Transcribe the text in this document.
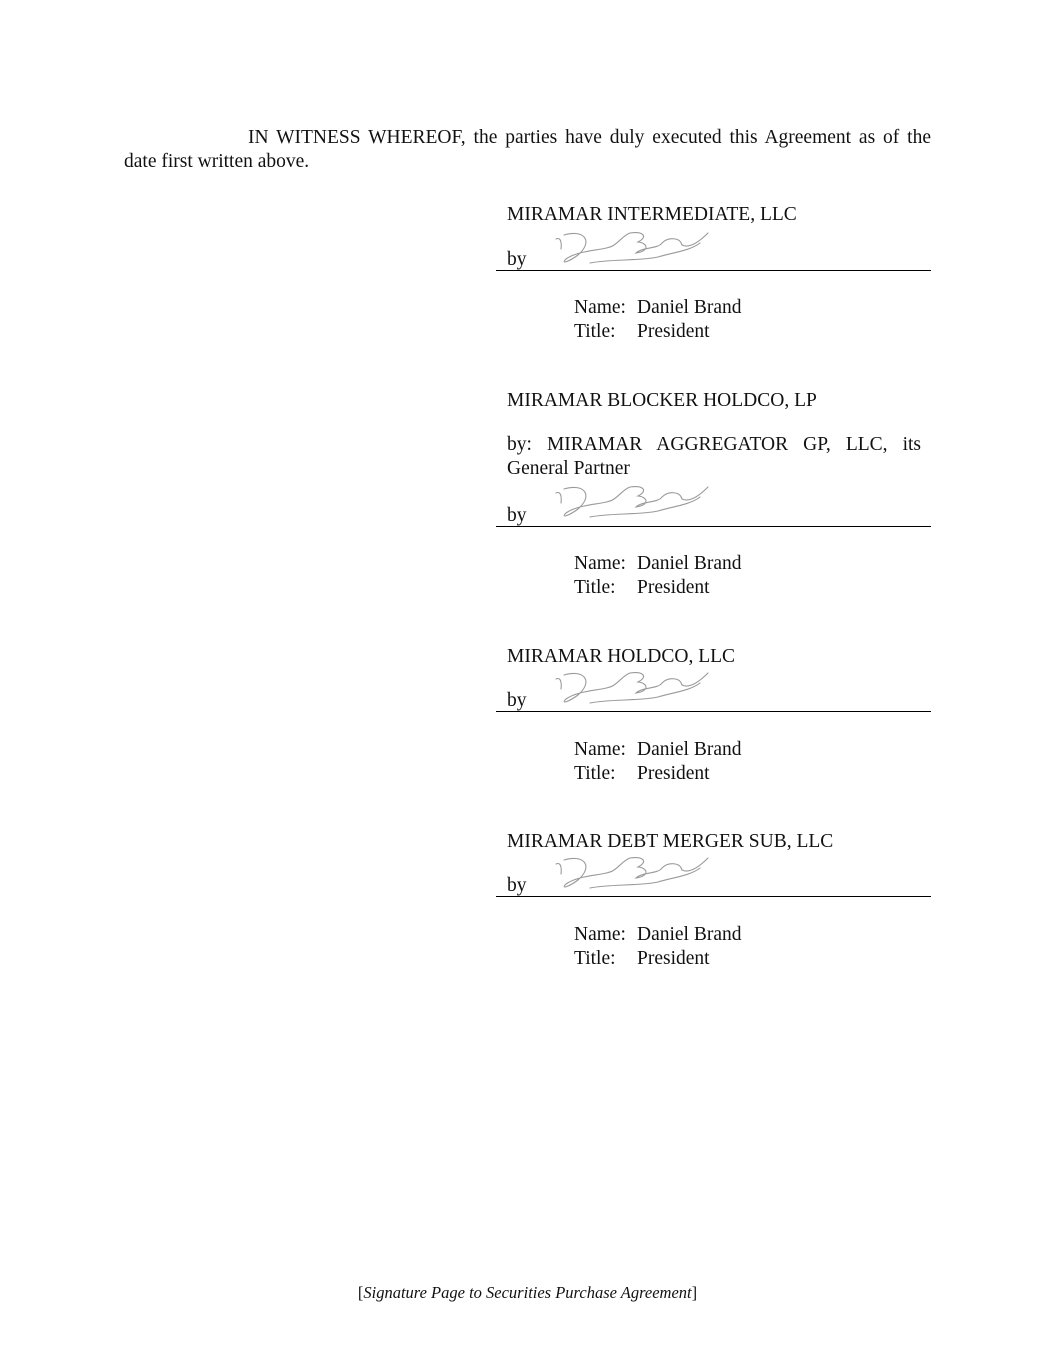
IN WITNESS WHEREOF, the parties have duly executed this Agreement as of the date first written above.

MIRAMAR INTERMEDIATE, LLC

by
Name: Daniel Brand
Title: President

MIRAMAR BLOCKER HOLDCO, LP

by: MIRAMAR AGGREGATOR GP, LLC, its General Partner

by
Name: Daniel Brand
Title: President

MIRAMAR HOLDCO, LLC

by
Name: Daniel Brand
Title: President

MIRAMAR DEBT MERGER SUB, LLC

by
Name: Daniel Brand
Title: President
[Signature Page to Securities Purchase Agreement]
